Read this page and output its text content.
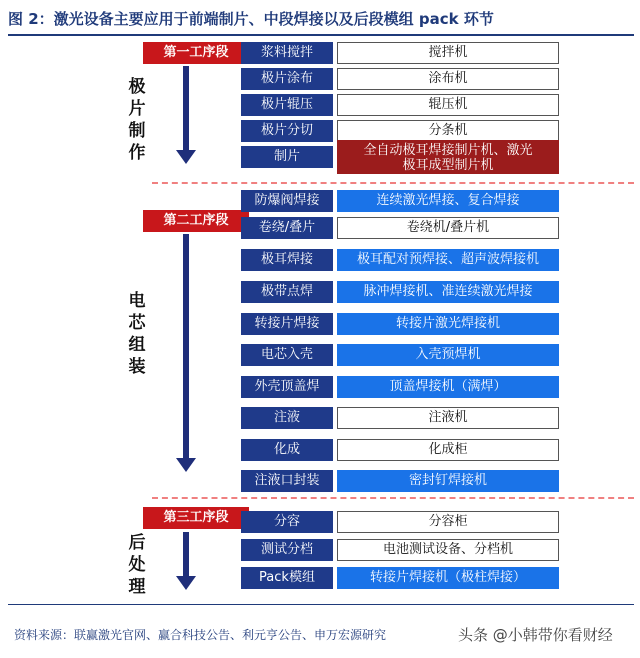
图 2：激光设备主要应用于前端制片、中段焊接以及后段模组 pack 环节
第一工序段
极片制作
浆料搅拌	搅拌机
极片涂布	涂布机
极片辊压	辊压机
极片分切	分条机
制片	全自动极耳焊接制片机、激光极耳成型制片机
第二工序段
电芯组装
防爆阀焊接	连续激光焊接、复合焊接
卷绕/叠片	卷绕机/叠片机
极耳焊接	极耳配对预焊接、超声波焊接机
极带点焊	脉冲焊接机、准连续激光焊接
转接片焊接	转接片激光焊接机
电芯入壳	入壳预焊机
外壳顶盖焊	顶盖焊接机（满焊）
注液	注液机
化成	化成柜
注液口封装	密封钉焊接机
第三工序段
后处理
分容	分容柜
测试分档	电池测试设备、分档机
Pack模组	转接片焊接机（极柱焊接）
资料来源：联赢激光官网、赢合科技公告、利元亨公告、申万宏源研究	头条 @小韩带你看财经
